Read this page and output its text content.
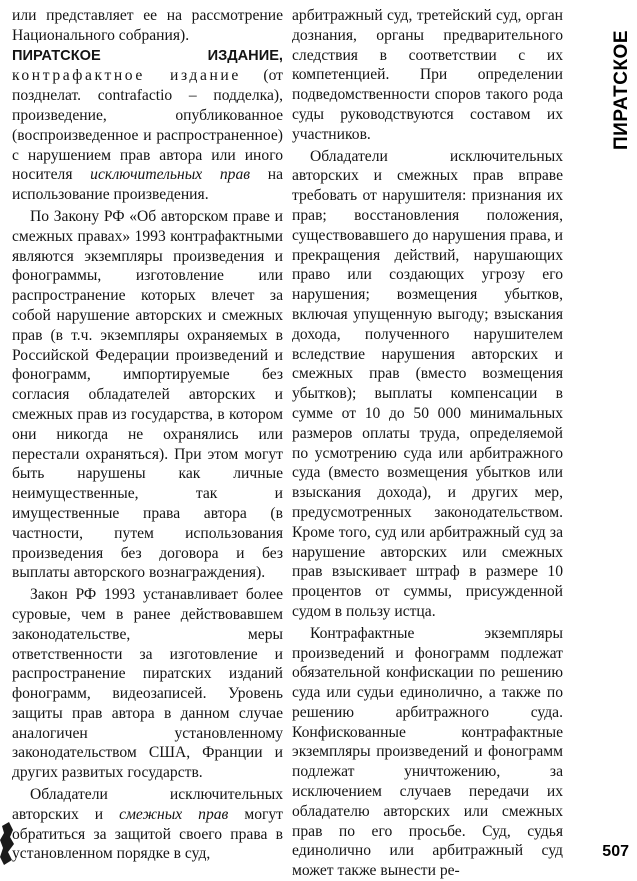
или представляет ее на рассмотрение Национального собрания).

ПИРАТСКОЕ ИЗДАНИЕ, контрафактное издание (от позднелат. contrafactio – подделка), произведение, опубликованное (воспроизведенное и распространенное) с нарушением прав автора или иного носителя исключительных прав на использование произведения.

По Закону РФ «Об авторском праве и смежных правах» 1993 контрафактными являются экземпляры произведения и фонограммы, изготовление или распространение которых влечет за собой нарушение авторских и смежных прав (в т.ч. экземпляры охраняемых в Российской Федерации произведений и фонограмм, импортируемые без согласия обладателей авторских и смежных прав из государства, в котором они никогда не охранялись или перестали охраняться). При этом могут быть нарушены как личные неимущественные, так и имущественные права автора (в частности, путем использования произведения без договора и без выплаты авторского вознаграждения).

Закон РФ 1993 устанавливает более суровые, чем в ранее действовавшем законодательстве, меры ответственности за изготовление и распространение пиратских изданий фонограмм, видеозаписей. Уровень защиты прав автора в данном случае аналогичен установленному законодательством США, Франции и других развитых государств.

Обладатели исключительных авторских и смежных прав могут обратиться за защитой своего права в установленном порядке в суд,

арбитражный суд, третейский суд, орган дознания, органы предварительного следствия в соответствии с их компетенцией. При определении подведомственности споров такого рода суды руководствуются составом их участников.

Обладатели исключительных авторских и смежных прав вправе требовать от нарушителя: признания их прав; восстановления положения, существовавшего до нарушения права, и прекращения действий, нарушающих право или создающих угрозу его нарушения; возмещения убытков, включая упущенную выгоду; взыскания дохода, полученного нарушителем вследствие нарушения авторских и смежных прав (вместо возмещения убытков); выплаты компенсации в сумме от 10 до 50 000 минимальных размеров оплаты труда, определяемой по усмотрению суда или арбитражного суда (вместо возмещения убытков или взыскания дохода), и других мер, предусмотренных законодательством. Кроме того, суд или арбитражный суд за нарушение авторских или смежных прав взыскивает штраф в размере 10 процентов от суммы, присужденной судом в пользу истца.

Контрафактные экземпляры произведений и фонограмм подлежат обязательной конфискации по решению суда или судьи единолично, а также по решению арбитражного суда. Конфискованные контрафактные экземпляры произведений и фонограмм подлежат уничтожению, за исключением случаев передачи их обладателю авторских или смежных прав по его просьбе. Суд, судья единолично или арбитражный суд может также вынести ре-

ПИРАТСКОЕ
507
